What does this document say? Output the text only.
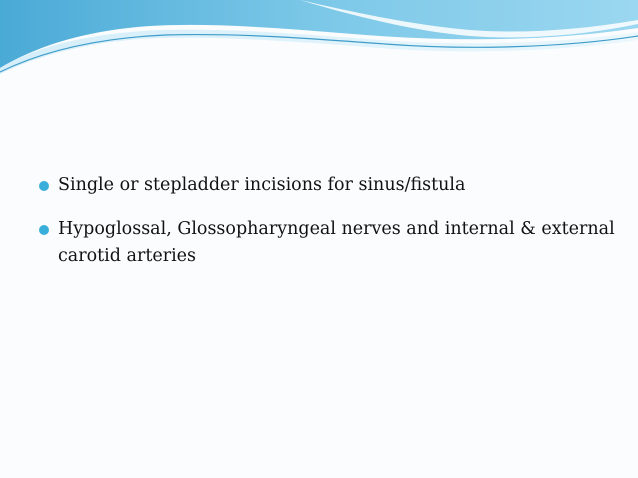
Single or stepladder incisions for sinus/fistula
Hypoglossal, Glossopharyngeal nerves and internal & external carotid arteries
